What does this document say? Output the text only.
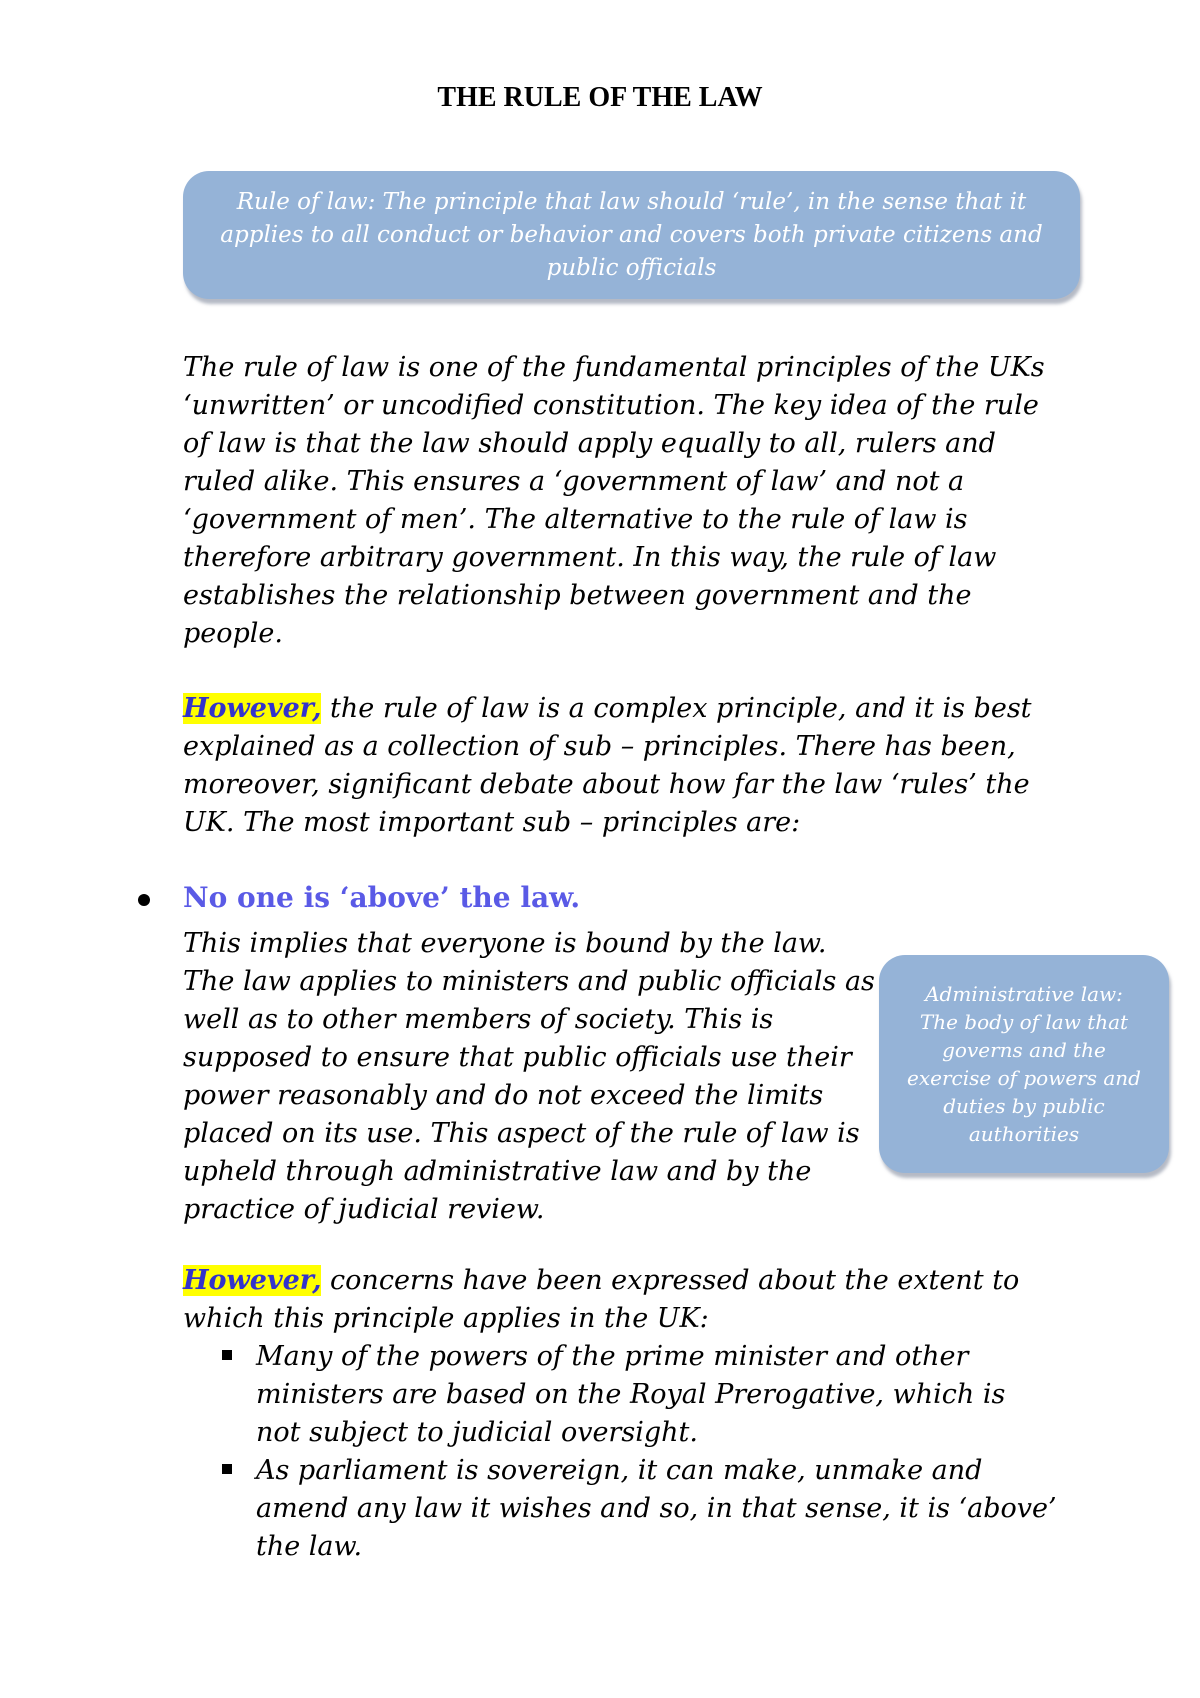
THE RULE OF THE LAW
Rule of law: The principle that law should ‘rule’, in the sense that it
applies to all conduct or behavior and covers both private citizens and
public officials
The rule of law is one of the fundamental principles of the UKs
‘unwritten’ or uncodified constitution. The key idea of the rule
of law is that the law should apply equally to all, rulers and
ruled alike. This ensures a ‘government of law’ and not a
‘government of men’. The alternative to the rule of law is
therefore arbitrary government. In this way, the rule of law
establishes the relationship between government and the
people.
However, the rule of law is a complex principle, and it is best
explained as a collection of sub – principles. There has been,
moreover, significant debate about how far the law ‘rules’ the
UK. The most important sub – principles are:
No one is ‘above’ the law.
This implies that everyone is bound by the law.
The law applies to ministers and public officials as
well as to other members of society. This is
supposed to ensure that public officials use their
power reasonably and do not exceed the limits
placed on its use. This aspect of the rule of law is
upheld through administrative law and by the
practice of judicial review.
Administrative law:
The body of law that
governs and the
exercise of powers and
duties by public
authorities
However, concerns have been expressed about the extent to
which this principle applies in the UK:
Many of the powers of the prime minister and other
ministers are based on the Royal Prerogative, which is
not subject to judicial oversight.
As parliament is sovereign, it can make, unmake and
amend any law it wishes and so, in that sense, it is ‘above’
the law.
